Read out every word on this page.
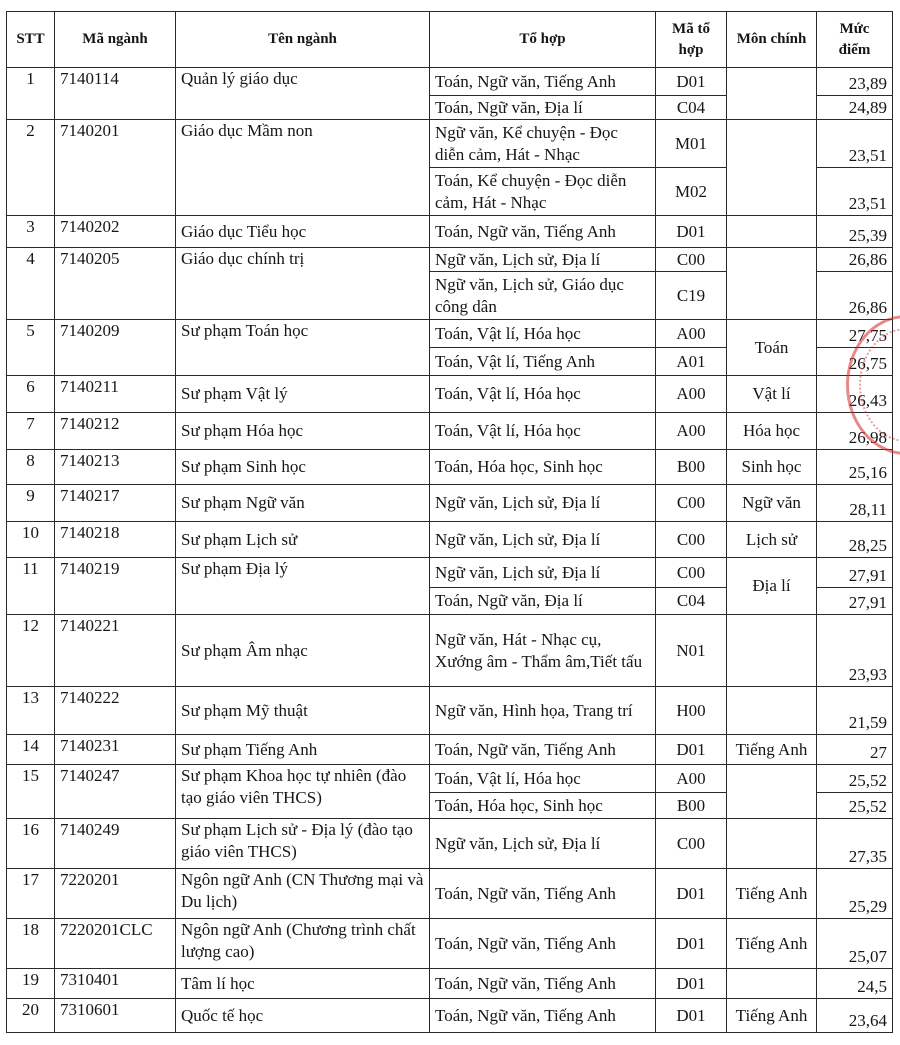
STT	Mã ngành	Tên ngành	Tổ hợp	Mã tổ hợp	Môn chính	Mức điểm
1	7140114	Quản lý giáo dục	Toán, Ngữ văn, Tiếng Anh	D01		23,89
			Toán, Ngữ văn, Địa lí	C04		24,89
2	7140201	Giáo dục Mầm non	Ngữ văn, Kể chuyện - Đọc diễn cảm, Hát - Nhạc	M01		23,51
			Toán, Kể chuyện - Đọc diễn cảm, Hát - Nhạc	M02		23,51
3	7140202	Giáo dục Tiểu học	Toán, Ngữ văn, Tiếng Anh	D01		25,39
4	7140205	Giáo dục chính trị	Ngữ văn, Lịch sử, Địa lí	C00		26,86
			Ngữ văn, Lịch sử, Giáo dục công dân	C19		26,86
5	7140209	Sư phạm Toán học	Toán, Vật lí, Hóa học	A00	Toán	27,75
			Toán, Vật lí, Tiếng Anh	A01		26,75
6	7140211	Sư phạm Vật lý	Toán, Vật lí, Hóa học	A00	Vật lí	26,43
7	7140212	Sư phạm Hóa học	Toán, Vật lí, Hóa học	A00	Hóa học	26,98
8	7140213	Sư phạm Sinh học	Toán, Hóa học, Sinh học	B00	Sinh học	25,16
9	7140217	Sư phạm Ngữ văn	Ngữ văn, Lịch sử, Địa lí	C00	Ngữ văn	28,11
10	7140218	Sư phạm Lịch sử	Ngữ văn, Lịch sử, Địa lí	C00	Lịch sử	28,25
11	7140219	Sư phạm Địa lý	Ngữ văn, Lịch sử, Địa lí	C00	Địa lí	27,91
			Toán, Ngữ văn, Địa lí	C04		27,91
12	7140221	Sư phạm Âm nhạc	Ngữ văn, Hát - Nhạc cụ, Xướng âm - Thẩm âm,Tiết tấu	N01		23,93
13	7140222	Sư phạm Mỹ thuật	Ngữ văn, Hình họa, Trang trí	H00		21,59
14	7140231	Sư phạm Tiếng Anh	Toán, Ngữ văn, Tiếng Anh	D01	Tiếng Anh	27
15	7140247	Sư phạm Khoa học tự nhiên (đào tạo giáo viên THCS)	Toán, Vật lí, Hóa học	A00		25,52
			Toán, Hóa học, Sinh học	B00		25,52
16	7140249	Sư phạm Lịch sử - Địa lý (đào tạo giáo viên THCS)	Ngữ văn, Lịch sử, Địa lí	C00		27,35
17	7220201	Ngôn ngữ Anh (CN Thương mại và Du lịch)	Toán, Ngữ văn, Tiếng Anh	D01	Tiếng Anh	25,29
18	7220201CLC	Ngôn ngữ Anh (Chương trình chất lượng cao)	Toán, Ngữ văn, Tiếng Anh	D01	Tiếng Anh	25,07
19	7310401	Tâm lí học	Toán, Ngữ văn, Tiếng Anh	D01		24,5
20	7310601	Quốc tế học	Toán, Ngữ văn, Tiếng Anh	D01	Tiếng Anh	23,64
